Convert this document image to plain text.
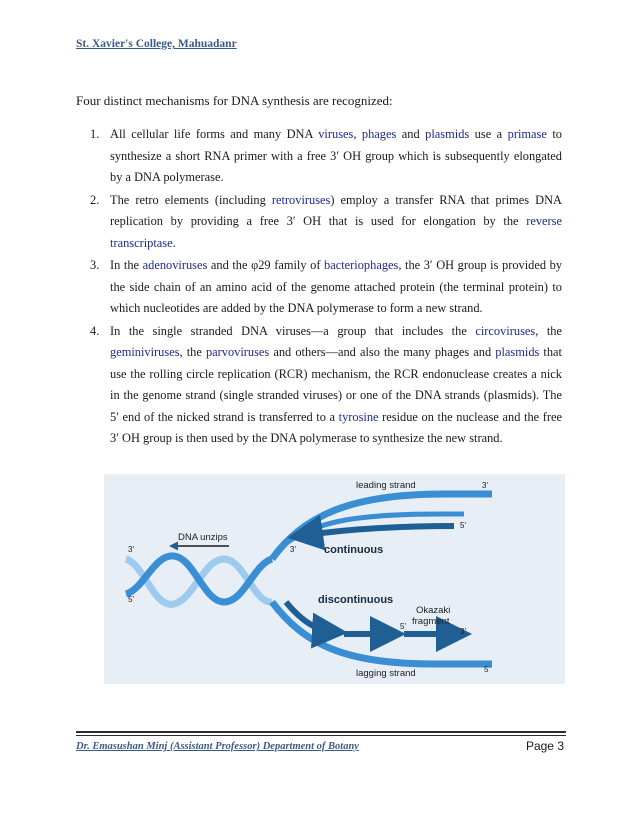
St. Xavier's College, Mahuadanr

Four distinct mechanisms for DNA synthesis are recognized:

1. All cellular life forms and many DNA viruses, phages and plasmids use a primase to synthesize a short RNA primer with a free 3′ OH group which is subsequently elongated by a DNA polymerase.
2. The retro elements (including retroviruses) employ a transfer RNA that primes DNA replication by providing a free 3′ OH that is used for elongation by the reverse transcriptase.
3. In the adenoviruses and the φ29 family of bacteriophages, the 3′ OH group is provided by the side chain of an amino acid of the genome attached protein (the terminal protein) to which nucleotides are added by the DNA polymerase to form a new strand.
4. In the single stranded DNA viruses—a group that includes the circoviruses, the geminiviruses, the parvoviruses and others—and also the many phages and plasmids that use the rolling circle replication (RCR) mechanism, the RCR endonuclease creates a nick in the genome strand (single stranded viruses) or one of the DNA strands (plasmids). The 5′ end of the nicked strand is transferred to a tyrosine residue on the nuclease and the free 3′ OH group is then used by the DNA polymerase to synthesize the new strand.
leading strand	3'
5'
DNA unzips
3'
5'
3'	continuous
discontinuous
Okazaki
fragment
5'
3'
5'
lagging strand
Dr. Emasushan Minj (Assistant Professor) Department of Botany	Page 3
